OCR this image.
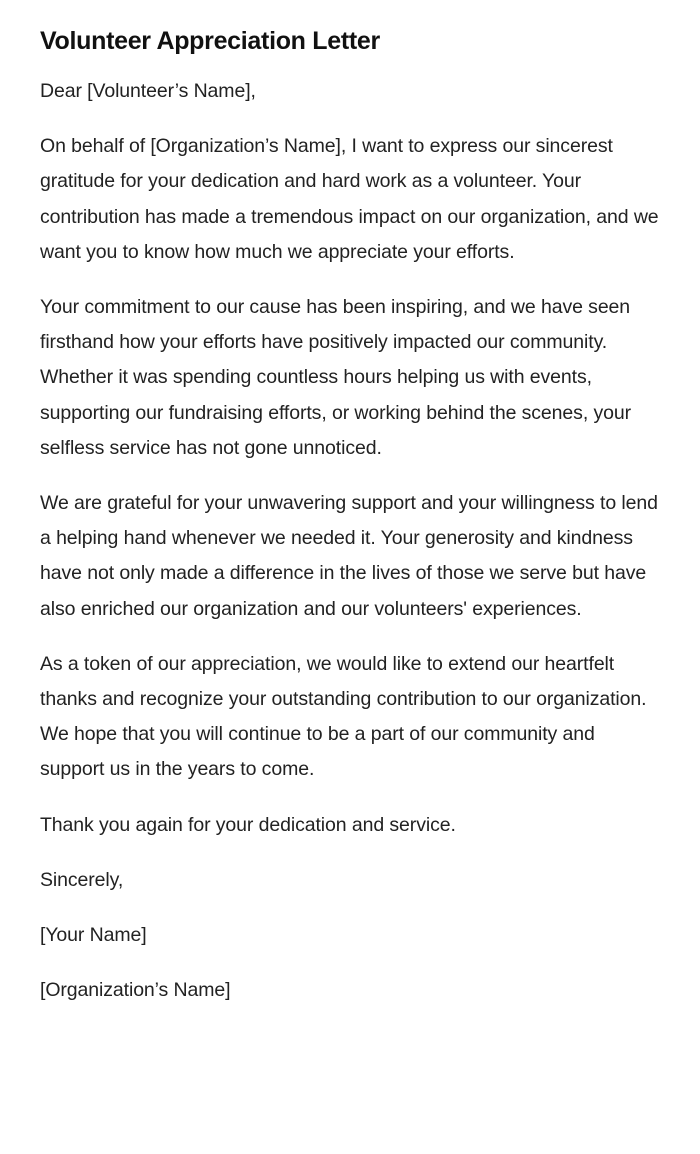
Volunteer Appreciation Letter

Dear [Volunteer’s Name],

On behalf of [Organization’s Name], I want to express our sincerest gratitude for your dedication and hard work as a volunteer. Your contribution has made a tremendous impact on our organization, and we want you to know how much we appreciate your efforts.

Your commitment to our cause has been inspiring, and we have seen firsthand how your efforts have positively impacted our community. Whether it was spending countless hours helping us with events, supporting our fundraising efforts, or working behind the scenes, your selfless service has not gone unnoticed.

We are grateful for your unwavering support and your willingness to lend a helping hand whenever we needed it. Your generosity and kindness have not only made a difference in the lives of those we serve but have also enriched our organization and our volunteers' experiences.

As a token of our appreciation, we would like to extend our heartfelt thanks and recognize your outstanding contribution to our organization. We hope that you will continue to be a part of our community and support us in the years to come.

Thank you again for your dedication and service.

Sincerely,

[Your Name]

[Organization’s Name]
